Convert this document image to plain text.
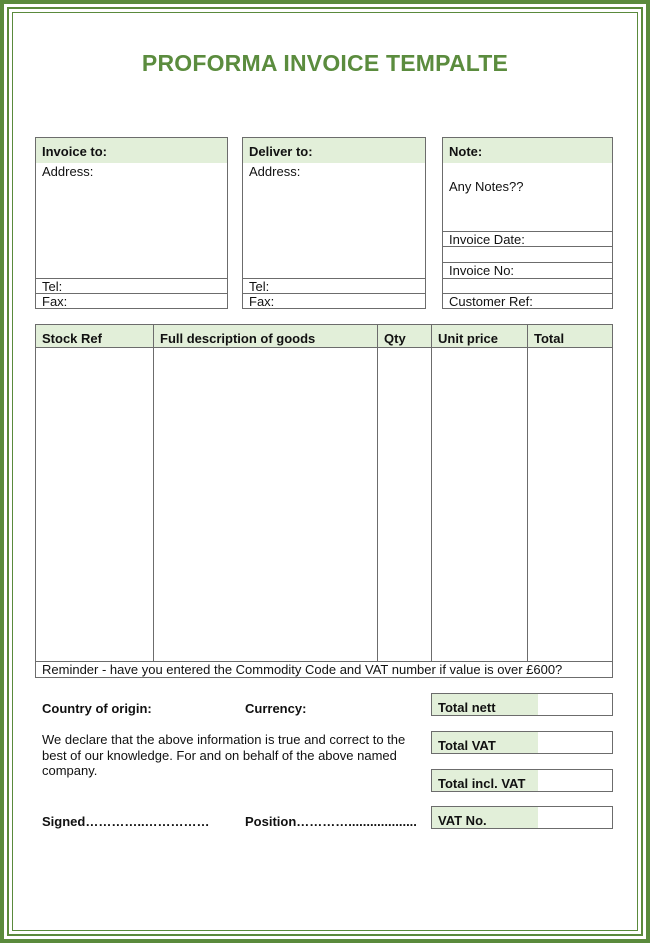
PROFORMA INVOICE TEMPALTE
Invoice to:
Address:
Tel:
Fax:
Deliver to:
Address:
Tel:
Fax:
Note:
Any Notes??
Invoice Date:
Invoice No:
Customer Ref:
Stock Ref	Full description of goods	Qty	Unit price	Total
Reminder - have you entered the Commodity Code and VAT number if value is over £600?
Country of origin:	Currency:
We declare that the above information is true and correct to the best of our knowledge. For and on behalf of the above named company.
Signed…………..……………	Position…………...................
Total nett
Total VAT
Total incl. VAT
VAT No.
